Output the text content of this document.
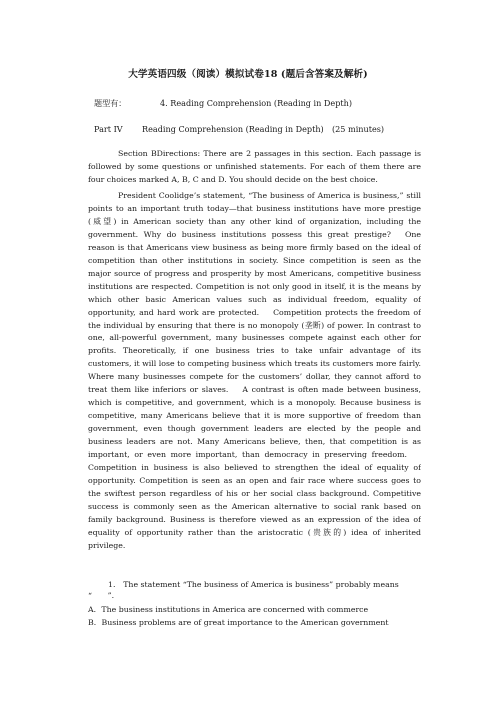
大学英语四级（阅读）模拟试卷18 (题后含答案及解析)
题型有：	4. Reading Comprehension (Reading in Depth)
Part IV Reading Comprehension (Reading in Depth) (25 minutes)
Section BDirections: There are 2 passages in this section. Each passage is followed by some questions or unfinished statements. For each of them there are four choices marked A, B, C and D. You should decide on the best choice.
President Coolidge’s statement, “The business of America is business,” still points to an important truth today—that business institutions have more prestige (威望) in American society than any other kind of organization, including the government. Why do business institutions possess this great prestige? One reason is that Americans view business as being more firmly based on the ideal of competition than other institutions in society. Since competition is seen as the major source of progress and prosperity by most Americans, competitive business institutions are respected. Competition is not only good in itself, it is the means by which other basic American values such as individual freedom, equality of opportunity, and hard work are protected. Competition protects the freedom of the individual by ensuring that there is no monopoly (垄断) of power. In contrast to one, all-powerful government, many businesses compete against each other for profits. Theoretically, if one business tries to take unfair advantage of its customers, it will lose to competing business which treats its customers more fairly. Where many businesses compete for the customers’ dollar, they cannot afford to treat them like inferiors or slaves. A contrast is often made between business, which is competitive, and government, which is a monopoly. Because business is competitive, many Americans believe that it is more supportive of freedom than government, even though government leaders are elected by the people and business leaders are not. Many Americans believe, then, that competition is as important, or even more important, than democracy in preserving freedom.Competition in business is also believed to strengthen the ideal of equality of opportunity. Competition is seen as an open and fair race where success goes to the swiftest person regardless of his or her social class background. Competitive success is commonly seen as the American alternative to social rank based on family background. Business is therefore viewed as an expression of the idea of equality of opportunity rather than the aristocratic (贵族的) idea of inherited privilege.
1.　The statement “The business of America is business” probably means “　　”.
A．The business institutions in America are concerned with commerce
B．Business problems are of great importance to the American government
